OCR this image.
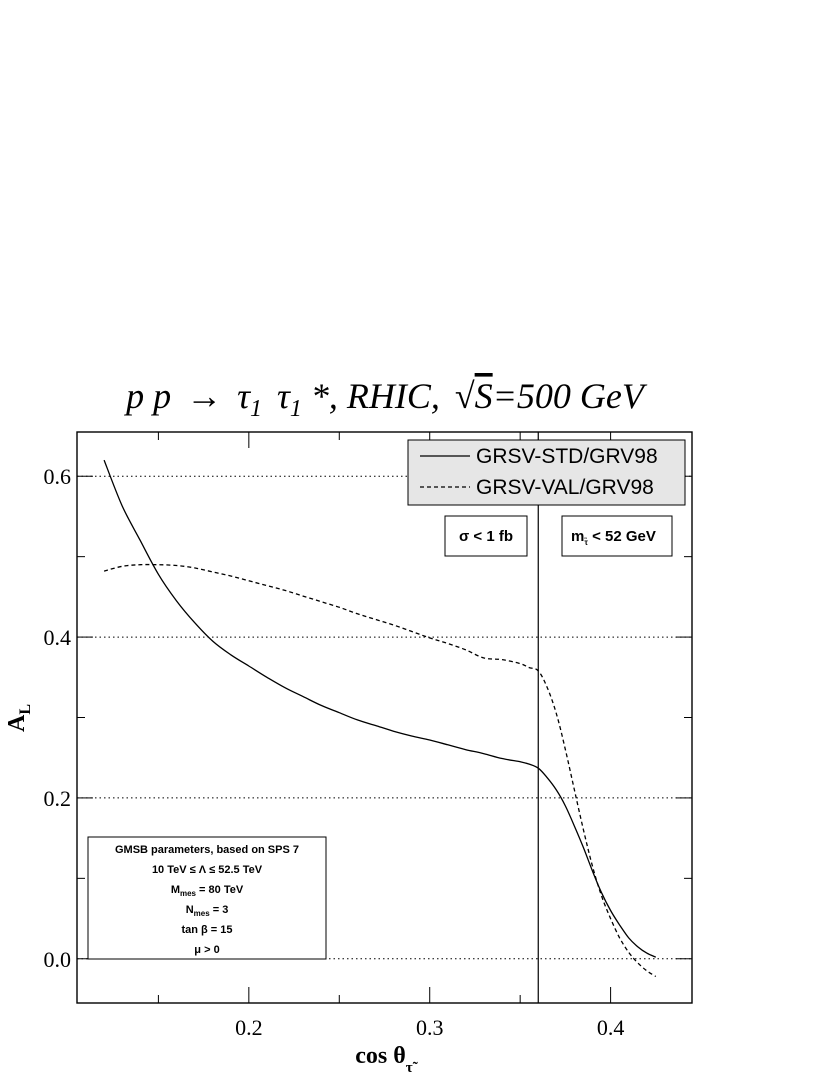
p $p \to \tau_1$ $\tau_1$ *, RHIC, √S=500 GeV
0.0
0.2
0.4
0.6
0.2	0.3	0.4
GRSV-STD/GRV98
GRSV-VAL/GRV98
σ < 1 fb	$m_{\taũ} < 52$ GeV
GMSB parameters, based on SPS 7
10 TeV ≤ Λ ≤ 52.5 TeV
$M_{mes} = 80$ TeV
$N_{mes} = 3$
tan β = 15
μ > 0
$\cos \theta_{\taũ}$
$A_L$
